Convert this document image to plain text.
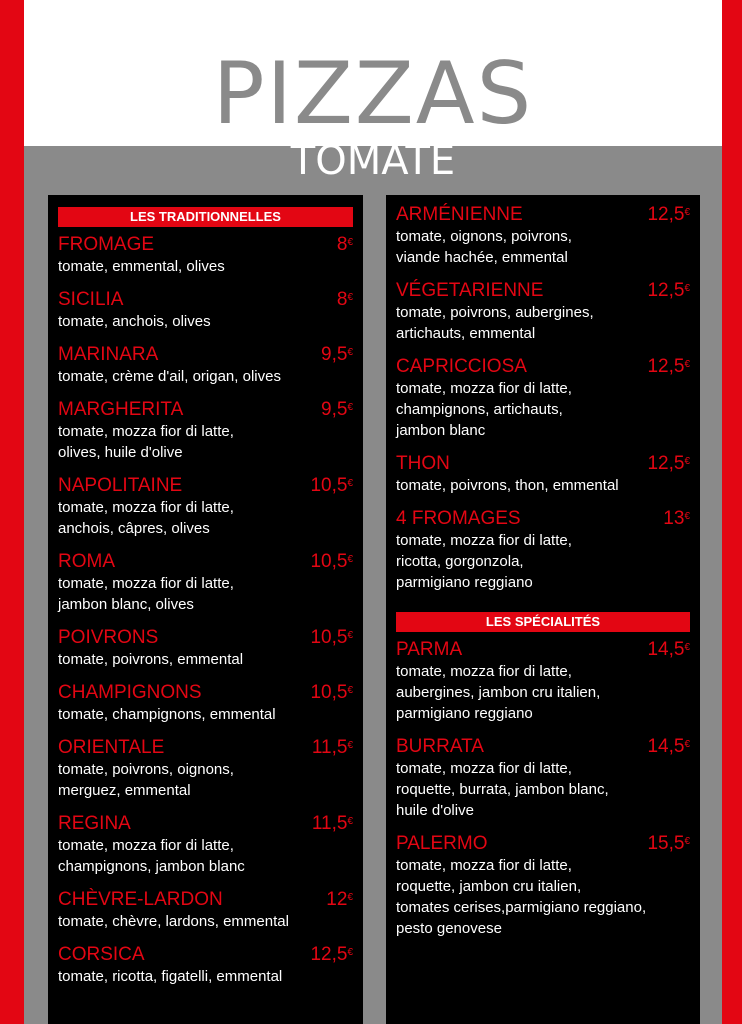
PIZZAS
TOMATE
LES TRADITIONNELLES
FROMAGE	8€
tomate, emmental, olives
SICILIA	8€
tomate, anchois, olives
MARINARA	9,5€
tomate, crème d'ail, origan, olives
MARGHERITA	9,5€
tomate, mozza fior di latte,
olives, huile d'olive
NAPOLITAINE	10,5€
tomate, mozza fior di latte,
anchois, câpres, olives
ROMA	10,5€
tomate, mozza fior di latte,
jambon blanc, olives
POIVRONS	10,5€
tomate, poivrons, emmental
CHAMPIGNONS	10,5€
tomate, champignons, emmental
ORIENTALE	11,5€
tomate, poivrons, oignons,
merguez, emmental
REGINA	11,5€
tomate, mozza fior di latte,
champignons, jambon blanc
CHÈVRE-LARDON	12€
tomate, chèvre, lardons, emmental
CORSICA	12,5€
tomate, ricotta, figatelli, emmental
ARMÉNIENNE	12,5€
tomate, oignons, poivrons,
viande hachée, emmental
VÉGETARIENNE	12,5€
tomate, poivrons, aubergines,
artichauts, emmental
CAPRICCIOSA	12,5€
tomate, mozza fior di latte,
champignons, artichauts,
jambon blanc
THON	12,5€
tomate, poivrons, thon, emmental
4 FROMAGES	13€
tomate, mozza fior di latte,
ricotta, gorgonzola,
parmigiano reggiano
LES SPÉCIALITÉS
PARMA	14,5€
tomate, mozza fior di latte,
aubergines, jambon cru italien,
parmigiano reggiano
BURRATA	14,5€
tomate, mozza fior di latte,
roquette, burrata, jambon blanc,
huile d'olive
PALERMO	15,5€
tomate, mozza fior di latte,
roquette, jambon cru italien,
tomates cerises,parmigiano reggiano,
pesto genovese
